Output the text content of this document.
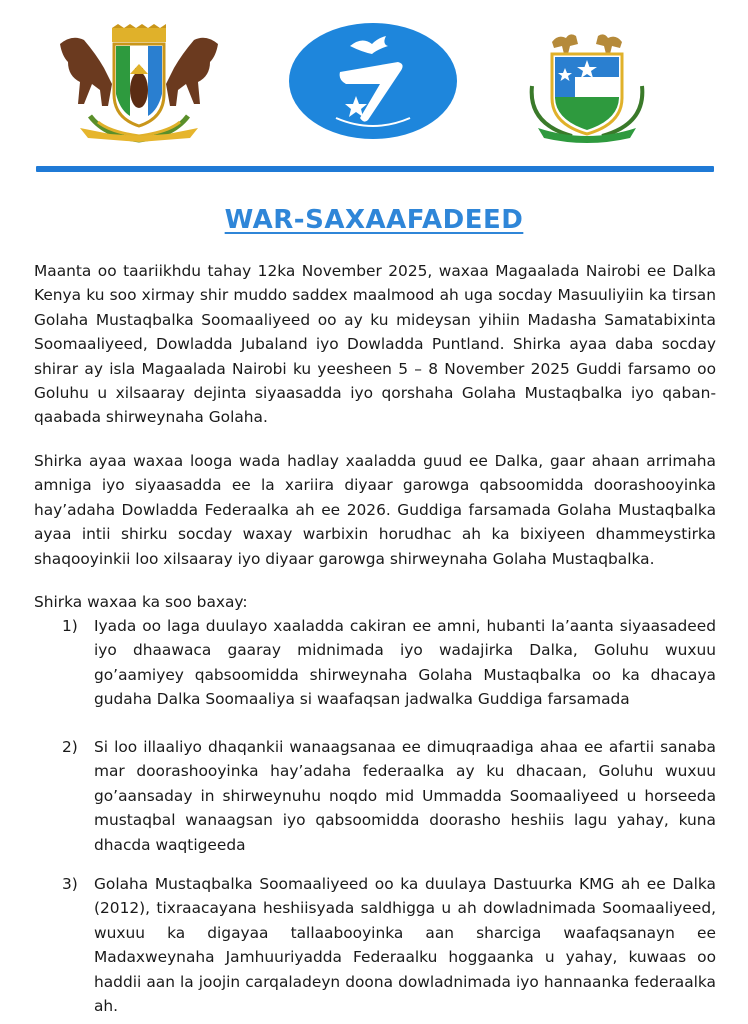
WAR-SAXAAFADEED

Maanta oo taariikhdu tahay 12ka November 2025, waxaa Magaalada Nairobi ee Dalka Kenya ku soo xirmay shir muddo saddex maalmood ah uga socday Masuuliyiin ka tirsan Golaha Mustaqbalka Soomaaliyeed oo ay ku mideysan yihiin Madasha Samatabixinta Soomaaliyeed, Dowladda Jubaland iyo Dowladda Puntland. Shirka ayaa daba socday shirar ay isla Magaalada Nairobi ku yeesheen 5 – 8 November 2025 Guddi farsamo oo Goluhu u xilsaaray dejinta siyaasadda iyo qorshaha Golaha Mustaqbalka iyo qaban-qaabada shirweynaha Golaha.

Shirka ayaa waxaa looga wada hadlay xaaladda guud ee Dalka, gaar ahaan arrimaha amniga iyo siyaasadda ee la xariira diyaar garowga qabsoomidda doorashooyinka hay’adaha Dowladda Federaalka ah ee 2026. Guddiga farsamada Golaha Mustaqbalka ayaa intii shirku socday waxay warbixin horudhac ah ka bixiyeen dhammeystirka shaqooyinkii loo xilsaaray iyo diyaar garowga shirweynaha Golaha Mustaqbalka.

Shirka waxaa ka soo baxay:

1)	Iyada oo laga duulayo xaaladda cakiran ee amni, hubanti la’aanta siyaasadeed iyo dhaawaca gaaray midnimada iyo wadajirka Dalka, Goluhu wuxuu go’aamiyey qabsoomidda shirweynaha Golaha Mustaqbalka oo ka dhacaya gudaha Dalka Soomaaliya si waafaqsan jadwalka Guddiga farsamada

2)	Si loo illaaliyo dhaqankii wanaagsanaa ee dimuqraadiga ahaa ee afartii sanaba mar doorashooyinka hay’adaha federaalka ay ku dhacaan, Goluhu wuxuu go’aansaday in shirweynuhu noqdo mid Ummadda Soomaaliyeed u horseeda mustaqbal wanaagsan iyo qabsoomidda doorasho heshiis lagu yahay, kuna dhacda waqtigeeda

3)	Golaha Mustaqbalka Soomaaliyeed oo ka duulaya Dastuurka KMG ah ee Dalka (2012), tixraacayana heshiisyada saldhigga u ah dowladnimada Soomaaliyeed, wuxuu ka digayaa tallaabooyinka aan sharciga waafaqsanayn ee Madaxweynaha Jamhuuriyadda Federaalku hoggaanka u yahay, kuwaas oo haddii aan la joojin carqaladeyn doona dowladnimada iyo hannaanka federaalka ah.
